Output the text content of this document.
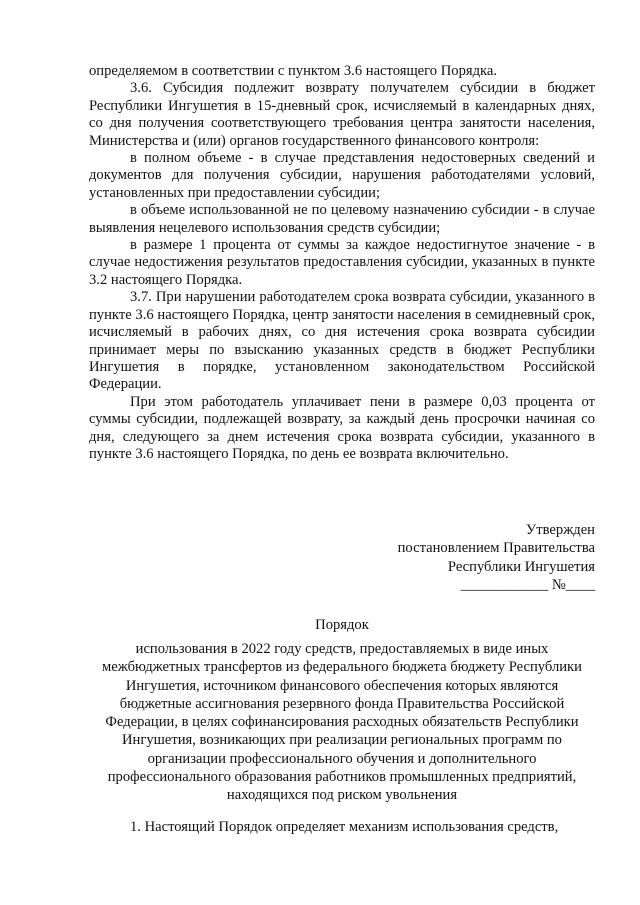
определяемом в соответствии с пунктом 3.6 настоящего Порядка.

3.6. Субсидия подлежит возврату получателем субсидии в бюджет Республики Ингушетия в 15-дневный срок, исчисляемый в календарных днях, со дня получения соответствующего требования центра занятости населения, Министерства и (или) органов государственного финансового контроля:

в полном объеме - в случае представления недостоверных сведений и документов для получения субсидии, нарушения работодателями условий, установленных при предоставлении субсидии;

в объеме использованной не по целевому назначению субсидии - в случае выявления нецелевого использования средств субсидии;

в размере 1 процента от суммы за каждое недостигнутое значение - в случае недостижения результатов предоставления субсидии, указанных в пункте 3.2 настоящего Порядка.

3.7. При нарушении работодателем срока возврата субсидии, указанного в пункте 3.6 настоящего Порядка, центр занятости населения в семидневный срок, исчисляемый в рабочих днях, со дня истечения срока возврата субсидии принимает меры по взысканию указанных средств в бюджет Республики Ингушетия в порядке, установленном законодательством Российской Федерации.

При этом работодатель уплачивает пени в размере 0,03 процента от суммы субсидии, подлежащей возврату, за каждый день просрочки начиная со дня, следующего за днем истечения срока возврата субсидии, указанного в пункте 3.6 настоящего Порядка, по день ее возврата включительно.

Утвержден
постановлением Правительства
Республики Ингушетия
____________ №____
Порядок
использования в 2022 году средств, предоставляемых в виде иных межбюджетных трансфертов из федерального бюджета бюджету Республики Ингушетия, источником финансового обеспечения которых являются бюджетные ассигнования резервного фонда Правительства Российской Федерации, в целях софинансирования расходных обязательств Республики Ингушетия, возникающих при реализации региональных программ по организации профессионального обучения и дополнительного профессионального образования работников промышленных предприятий, находящихся под риском увольнения

1. Настоящий Порядок определяет механизм использования средств,
